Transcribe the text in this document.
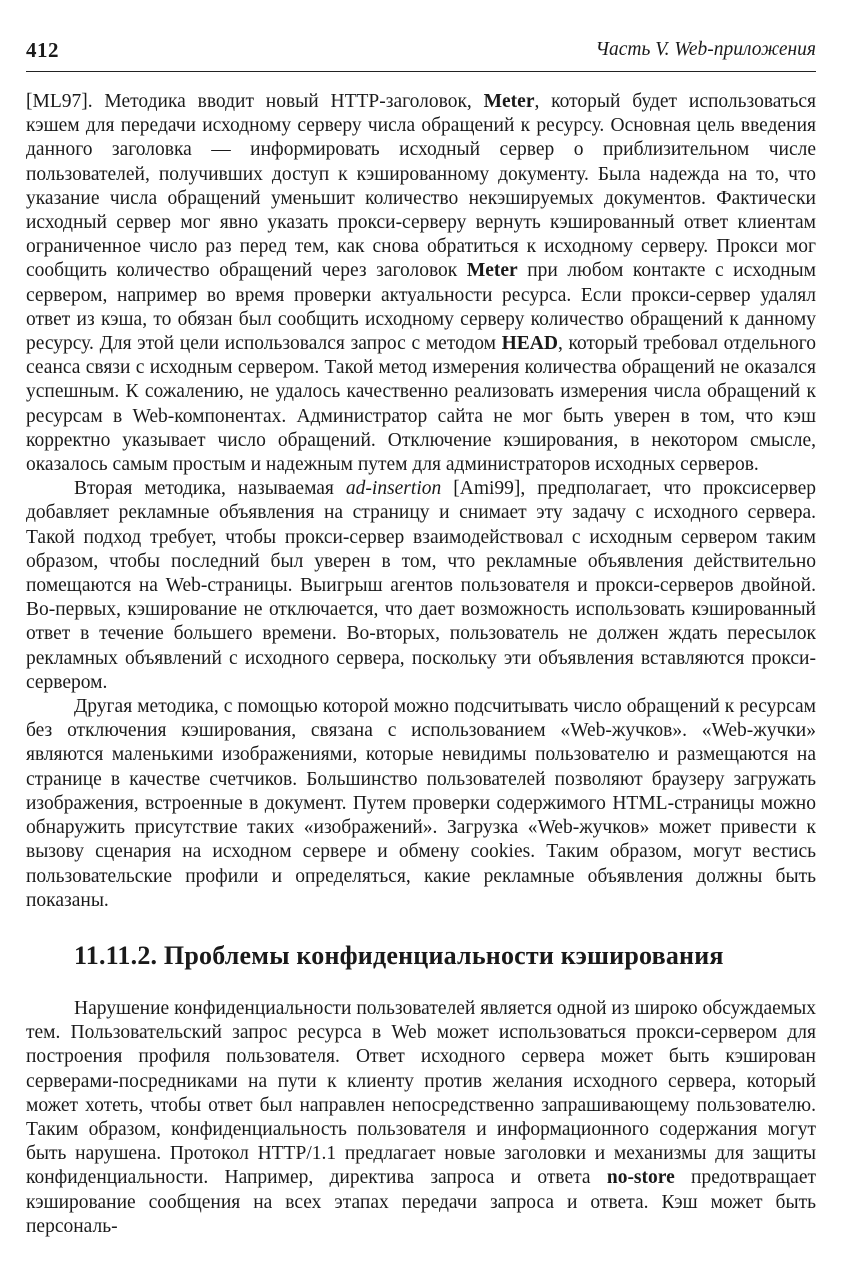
412	Часть V. Web-приложения

[ML97]. Методика вводит новый HTTP-заголовок, Meter, который будет использоваться кэшем для передачи исходному серверу числа обращений к ресурсу. Основная цель введения данного заголовка — информировать исходный сервер о приблизительном числе пользователей, получивших доступ к кэшированному документу. Была надежда на то, что указание числа обращений уменьшит количество некэшируемых документов. Фактически исходный сервер мог явно указать прокси-серверу вернуть кэшированный ответ клиентам ограниченное число раз перед тем, как снова обратиться к исходному серверу. Прокси мог сообщить количество обращений через заголовок Meter при любом контакте с исходным сервером, например во время проверки актуальности ресурса. Если прокси-сервер удалял ответ из кэша, то обязан был сообщить исходному серверу количество обращений к данному ресурсу. Для этой цели использовался запрос с методом HEAD, который требовал отдельного сеанса связи с исходным сервером. Такой метод измерения количества обращений не оказался успешным. К сожалению, не удалось качественно реализовать измерения числа обращений к ресурсам в Web-компонентах. Администратор сайта не мог быть уверен в том, что кэш корректно указывает число обращений. Отключение кэширования, в некотором смысле, оказалось самым простым и надежным путем для администраторов исходных серверов.

Вторая методика, называемая ad-insertion [Ami99], предполагает, что проксисервер добавляет рекламные объявления на страницу и снимает эту задачу с исходного сервера. Такой подход требует, чтобы прокси-сервер взаимодействовал с исходным сервером таким образом, чтобы последний был уверен в том, что рекламные объявления действительно помещаются на Web-страницы. Выигрыш агентов пользователя и прокси-серверов двойной. Во-первых, кэширование не отключается, что дает возможность использовать кэшированный ответ в течение большего времени. Во-вторых, пользователь не должен ждать пересылок рекламных объявлений с исходного сервера, поскольку эти объявления вставляются прокси-сервером.

Другая методика, с помощью которой можно подсчитывать число обращений к ресурсам без отключения кэширования, связана с использованием «Web-жучков». «Web-жучки» являются маленькими изображениями, которые невидимы пользователю и размещаются на странице в качестве счетчиков. Большинство пользователей позволяют браузеру загружать изображения, встроенные в документ. Путем проверки содержимого HTML-страницы можно обнаружить присутствие таких «изображений». Загрузка «Web-жучков» может привести к вызову сценария на исходном сервере и обмену cookies. Таким образом, могут вестись пользовательские профили и определяться, какие рекламные объявления должны быть показаны.

11.11.2. Проблемы конфиденциальности кэширования

Нарушение конфиденциальности пользователей является одной из широко обсуждаемых тем. Пользовательский запрос ресурса в Web может использоваться прокси-сервером для построения профиля пользователя. Ответ исходного сервера может быть кэширован серверами-посредниками на пути к клиенту против желания исходного сервера, который может хотеть, чтобы ответ был направлен непосредственно запрашивающему пользователю. Таким образом, конфиденциальность пользователя и информационного содержания могут быть нарушена. Протокол HTTP/1.1 предлагает новые заголовки и механизмы для защиты конфиденциальности. Например, директива запроса и ответа no-store предотвращает кэширование сообщения на всех этапах передачи запроса и ответа. Кэш может быть персональ-
